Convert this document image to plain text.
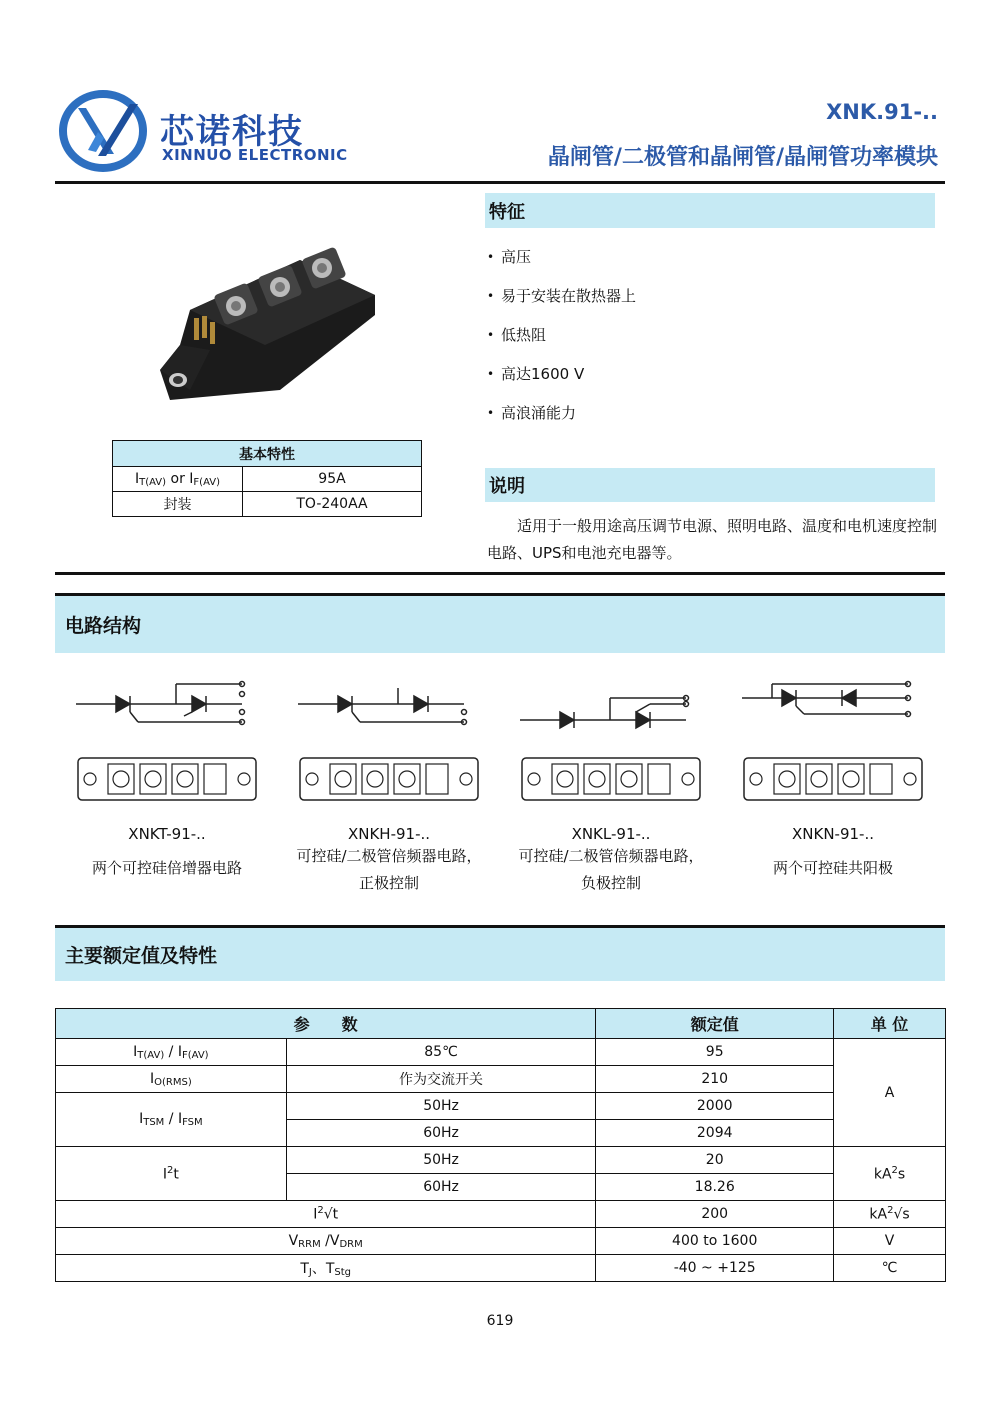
芯诺科技
XINNUO ELECTRONIC
XNK.91-..
晶闸管/二极管和晶闸管/晶闸管功率模块
基本特性	
$I_{T(AV)}$ or $I_{F(AV)}$	95A
封装	TO-240AA
特征
• 高压
• 易于安装在散热器上
• 低热阻
• 高达1600 V
• 高浪涌能力
说明
适用于一般用途高压调节电源、照明电路、温度和电机速度控制电路、UPS和电池充电器等。
电路结构
XNKT-91-..
两个可控硅倍增器电路
XNKH-91-..
可控硅/二极管倍频器电路，
正极控制
XNKL-91-..
可控硅/二极管倍频器电路，
负极控制
XNKN-91-..
两个可控硅共阳极
主要额定值及特性
参　　数		额定值	单 位
$I_{T(AV)} / I_{F(AV)}$	85℃	95	A
$I_{O(RMS)}$	作为交流开关	210	
$I_{TSM} / I_{FSM}$	50Hz	2000	
	60Hz	2094	
$I^2t$	50Hz	20	$kA^2s$
	60Hz	18.26	
$I^2√t$		200	$kA^2√s$
$V_{RRM}$ $/V_{DRM}$		400 to 1600	V
$T_J$、$T_{Stg}$		-40 ~ +125	℃
619
